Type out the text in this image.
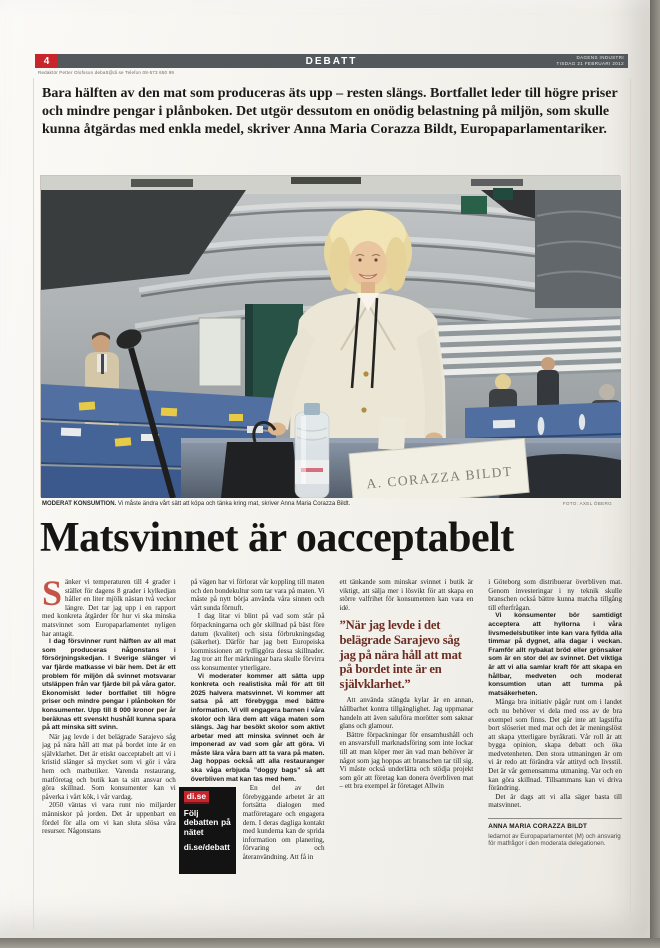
4	DEBATT	DAGENS INDUSTRI
TISDAG 21 FEBRUARI 2012
Redaktör Petter Olofsson debatt@di.se Telefon 08-573 650 99
Bara hälften av den mat som produceras äts upp – resten slängs. Bortfallet leder till högre priser och mindre pengar i plånboken. Det utgör dessutom en onödig belastning på miljön, som skulle kunna åtgärdas med enkla medel, skriver Anna Maria Corazza Bildt, Europaparlamentariker.
A. CORAZZA BILDT
MODERAT KONSUMTION. Vi måste ändra vårt sätt att köpa och tänka kring mat, skriver Anna Maria Corazza Bildt.	FOTO: AXEL ÖBERG
Matsvinnet är oacceptabelt

Sänker vi temperaturen till 4 grader i stället för dagens 8 grader i kylkedjan håller en liter mjölk nästan två veckor längre. Det tar jag upp i en rapport med konkreta åtgärder för hur vi ska minska matsvinnet som Europaparlamentet nyligen har antagit.

I dag försvinner runt hälften av all mat som produceras någonstans i försörjningskedjan. I Sverige slänger vi var fjärde matkasse vi bär hem. Det är ett problem för miljön då svinnet motsvarar utsläppen från var fjärde bil på våra gator. Ekonomiskt leder bortfallet till högre priser och mindre pengar i plånboken för konsumenter. Upp till 8 000 kronor per år beräknas ett svenskt hushåll kunna spara på att minska sitt svinn.

När jag levde i det belägrade Sarajevo såg jag på nära håll att mat på bordet inte är en självklarhet. Det är etiskt oacceptabelt att vi i kristid slänger så mycket som vi gör i våra hem och matbutiker. Varenda restaurang, matföretag och butik kan ta sitt ansvar och göra skillnad. Som konsumenter kan vi påverka i vårt kök, i vår vardag.

2050 väntas vi vara runt nio miljarder människor på jorden. Det är uppenbart en fördel för alla om vi kan sluta slösa våra resurser. Någonstans

på vägen har vi förlorat vår koppling till maten och den bondekultur som tar vara på maten. Vi måste på nytt börja använda våra sinnen och vårt sunda förnuft.

I dag litar vi blint på vad som står på förpackningarna och gör skillnad på bäst före datum (kvalitet) och sista förbrukningsdag (säkerhet). Därför har jag bett Europeiska kommissionen att tydliggöra dessa skillnader. Jag tror att fler märkningar bara skulle förvirra oss konsumenter ytterligare.

Vi moderater kommer att sätta upp konkreta och realistiska mål för att till 2025 halvera matsvinnet. Vi kommer att satsa på att förebygga med bättre information. Vi vill engagera barnen i våra skolor och lära dem att väga maten som slängs. Jag har besökt skolor som aktivt arbetar med att minska svinnet och är imponerad av vad som går att göra. Vi måste lära våra barn att ta vara på maten. Jag hoppas också att alla restauranger ska våga erbjuda ”doggy bags” så att överbliven mat kan tas med hem.

di.se
Följ debatten på nätet
di.se/debatt

En del av det förebyggande arbetet är att fortsätta dialogen med matföretagare och engagera dem. I deras dagliga kontakt med kunderna kan de sprida information om planering, förvaring och återanvändning. Att få in

ett tänkande som minskar svinnet i butik är viktigt, att sälja mer i lösvikt för att skapa en större valfrihet för konsumenten kan vara en idé.

”När jag levde i det belägrade Sarajevo såg jag på nära håll att mat på bordet inte är en självklarhet.”

Att använda stängda kylar är en annan, hållbarhet kontra tillgänglighet. Jag uppmanar handeln att även saluföra morötter som saknar glans och glamour.

Bättre förpackningar för ensamhushåll och en ansvarsfull marknadsföring som inte lockar till att man köper mer än vad man behöver är något som jag hoppas att branschen tar till sig. Vi måste också underlätta och stödja projekt som gör att företag kan donera överbliven mat – ett bra exempel är företaget Allwin

i Göteborg som distribuerar överbliven mat. Genom investeringar i ny teknik skulle branschen också bättre kunna matcha tillgång till efterfrågan.

Vi konsumenter bör samtidigt acceptera att hyllorna i våra livsmedelsbutiker inte kan vara fyllda alla timmar på dygnet, alla dagar i veckan. Framför allt nybakat bröd eller grönsaker som är en stor del av svinnet. Det viktiga är att vi alla samlar kraft för att skapa en hållbar, medveten och moderat konsumtion utan att tumma på matsäkerheten.

Många bra initiativ pågår runt om i landet och nu behöver vi dela med oss av de bra exempel som finns. Det går inte att lagstifta bort slöseriet med mat och det är meningslöst att skapa ytterligare byråkrati. Vår roll är att bygga opinion, skapa debatt och öka medvetenheten. Den stora utmaningen är om vi är redo att förändra vår attityd och livsstil. Det är vår gemensamma utmaning. Var och en kan göra skillnad. Tillsammans kan vi driva förändring.

Det är dags att vi alla säger basta till matsvinnet.

ANNA MARIA CORAZZA BILDT
ledamot av Europaparlamentet (M) och ansvarig för matfrågor i den moderata delegationen.
